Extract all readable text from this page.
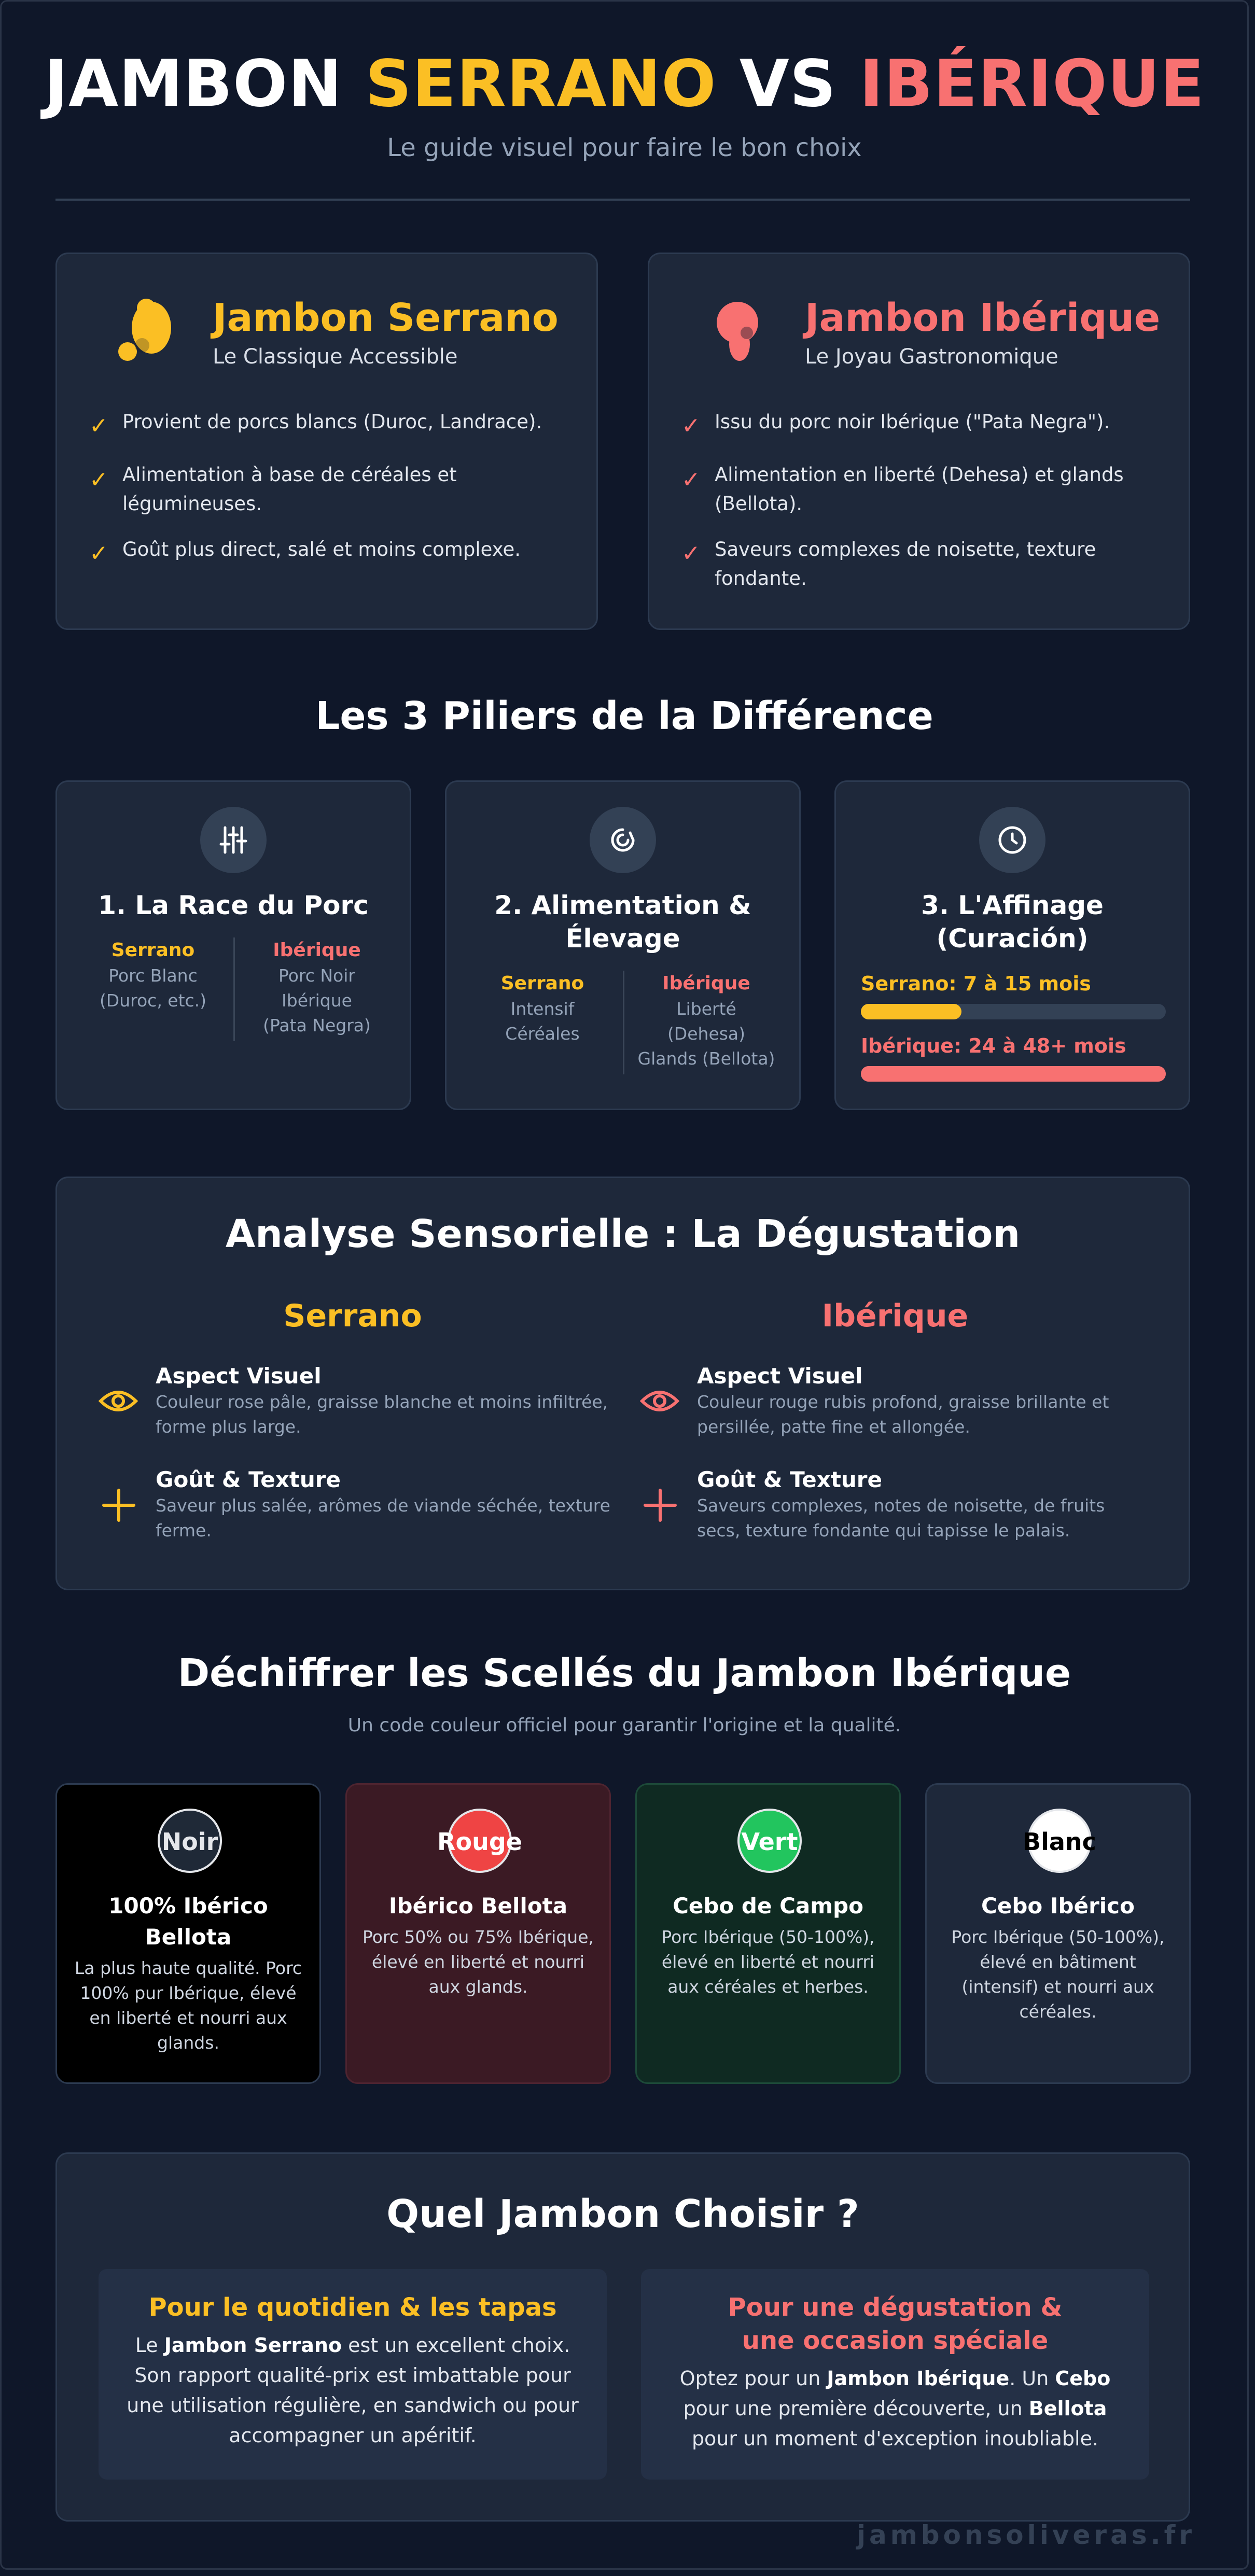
JAMBON SERRANO VS IBÉRIQUE
Le guide visuel pour faire le bon choix
Jambon Serrano
Le Classique Accessible
✓ Provient de porcs blancs (Duroc, Landrace).
✓ Alimentation à base de céréales et légumineuses.
✓ Goût plus direct, salé et moins complexe.
Jambon Ibérique
Le Joyau Gastronomique
✓ Issu du porc noir Ibérique ("Pata Negra").
✓ Alimentation en liberté (Dehesa) et glands (Bellota).
✓ Saveurs complexes de noisette, texture fondante.
Les 3 Piliers de la Différence
1. La Race du Porc
Serrano
Porc Blanc (Duroc, etc.)
Ibérique
Porc Noir Ibérique (Pata Negra)
2. Alimentation & Élevage
Serrano
Intensif Céréales
Ibérique
Liberté (Dehesa) Glands (Bellota)
3. L'Affinage (Curación)
Serrano: 7 à 15 mois
Ibérique: 24 à 48+ mois
Analyse Sensorielle : La Dégustation
Serrano	Ibérique
Aspect Visuel
Couleur rose pâle, graisse blanche et moins infiltrée, forme plus large.
Goût & Texture
Saveur plus salée, arômes de viande séchée, texture ferme.
Aspect Visuel
Couleur rouge rubis profond, graisse brillante et persillée, patte fine et allongée.
Goût & Texture
Saveurs complexes, notes de noisette, de fruits secs, texture fondante qui tapisse le palais.
Déchiffrer les Scellés du Jambon Ibérique
Un code couleur officiel pour garantir l'origine et la qualité.
Noir
100% Ibérico Bellota
La plus haute qualité. Porc 100% pur Ibérique, élevé en liberté et nourri aux glands.
Rouge
Ibérico Bellota
Porc 50% ou 75% Ibérique, élevé en liberté et nourri aux glands.
Vert
Cebo de Campo
Porc Ibérique (50-100%), élevé en liberté et nourri aux céréales et herbes.
Blanc
Cebo Ibérico
Porc Ibérique (50-100%), élevé en bâtiment (intensif) et nourri aux céréales.
Quel Jambon Choisir ?
Pour le quotidien & les tapas
Le Jambon Serrano est un excellent choix. Son rapport qualité-prix est imbattable pour une utilisation régulière, en sandwich ou pour accompagner un apéritif.
Pour une dégustation & une occasion spéciale
Optez pour un Jambon Ibérique. Un Cebo pour une première découverte, un Bellota pour un moment d'exception inoubliable.
jambonsoliveras.fr
